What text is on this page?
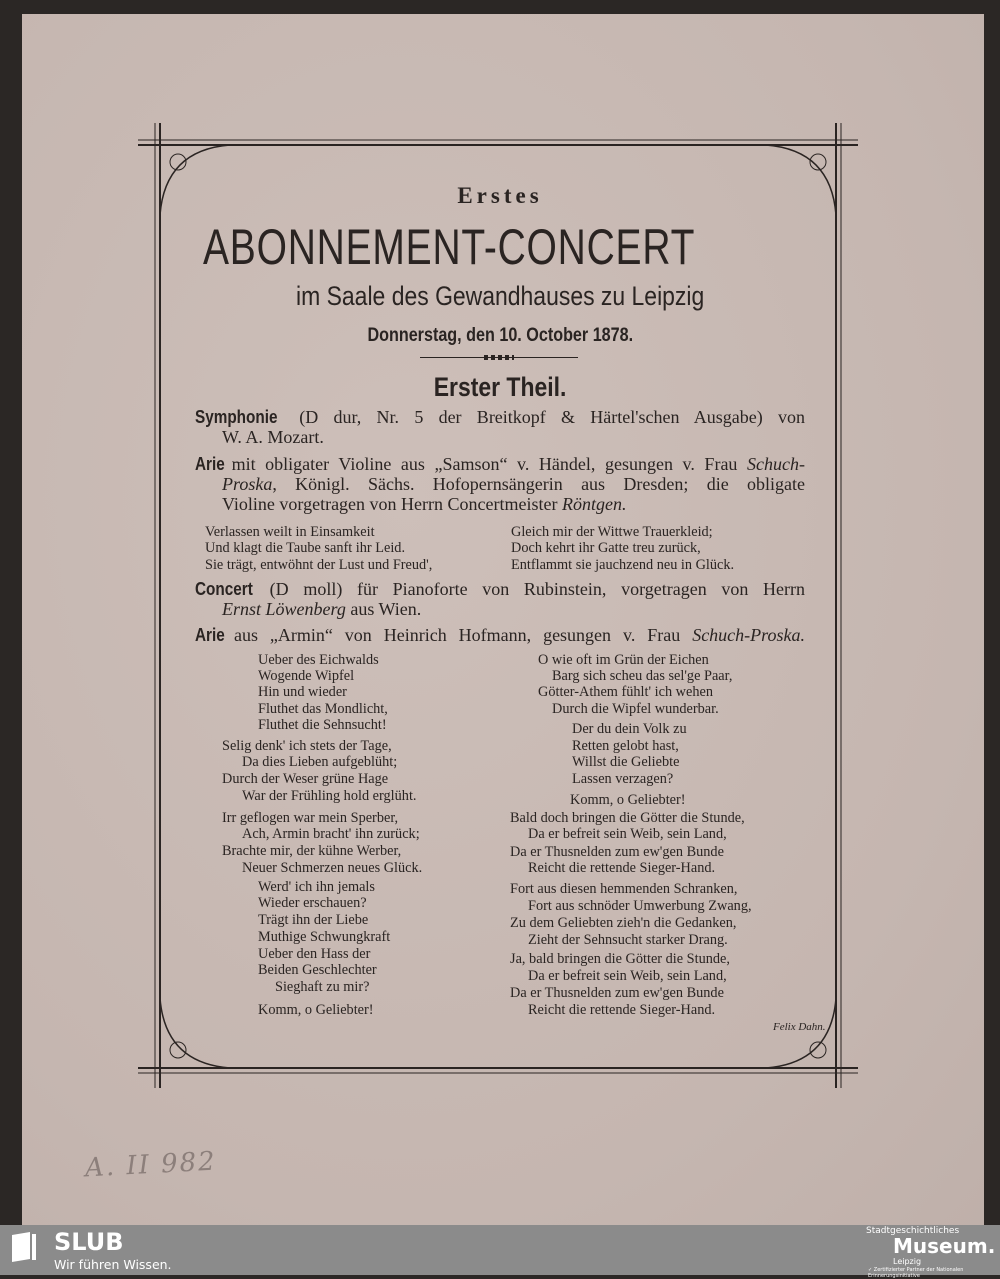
Erstes
ABONNEMENT-CONCERT
im Saale des Gewandhauses zu Leipzig
Donnerstag, den 10. October 1878.
Erster Theil.
Symphonie (D dur, Nr. 5 der Breitkopf & Härtel'schen Ausgabe) von
W. A. Mozart.
Arie mit obligater Violine aus „Samson“ v. Händel, gesungen v. Frau Schuch-
Proska, Königl. Sächs. Hofopernsängerin aus Dresden; die obligate
Violine vorgetragen von Herrn Concertmeister Röntgen.
Verlassen weilt in Einsamkeit
Und klagt die Taube sanft ihr Leid.
Sie trägt, entwöhnt der Lust und Freud',
Gleich mir der Wittwe Trauerkleid;
Doch kehrt ihr Gatte treu zurück,
Entflammt sie jauchzend neu in Glück.
Concert (D moll) für Pianoforte von Rubinstein, vorgetragen von Herrn
Ernst Löwenberg aus Wien.
Arie aus „Armin“ von Heinrich Hofmann, gesungen v. Frau Schuch-Proska.
Ueber des Eichwalds
Wogende Wipfel
Hin und wieder
Fluthet das Mondlicht,
Fluthet die Sehnsucht!
Selig denk' ich stets der Tage,
Da dies Lieben aufgeblüht;
Durch der Weser grüne Hage
War der Frühling hold erglüht.
Irr geflogen war mein Sperber,
Ach, Armin bracht' ihn zurück;
Brachte mir, der kühne Werber,
Neuer Schmerzen neues Glück.
Werd' ich ihn jemals
Wieder erschauen?
Trägt ihn der Liebe
Muthige Schwungkraft
Ueber den Hass der
Beiden Geschlechter
Sieghaft zu mir?
Komm, o Geliebter!
O wie oft im Grün der Eichen
Barg sich scheu das sel'ge Paar,
Götter-Athem fühlt' ich wehen
Durch die Wipfel wunderbar.
Der du dein Volk zu
Retten gelobt hast,
Willst die Geliebte
Lassen verzagen?
Komm, o Geliebter!
Bald doch bringen die Götter die Stunde,
Da er befreit sein Weib, sein Land,
Da er Thusnelden zum ew'gen Bunde
Reicht die rettende Sieger-Hand.
Fort aus diesen hemmenden Schranken,
Fort aus schnöder Umwerbung Zwang,
Zu dem Geliebten zieh'n die Gedanken,
Zieht der Sehnsucht starker Drang.
Ja, bald bringen die Götter die Stunde,
Da er befreit sein Weib, sein Land,
Da er Thusnelden zum ew'gen Bunde
Reicht die rettende Sieger-Hand.
Felix Dahn.
A. II 982
SLUB
Wir führen Wissen.
Stadtgeschichtliches
Museum.
Leipzig
✓ Zertifizierter Partner der Nationalen Erinnerungsinitiative
